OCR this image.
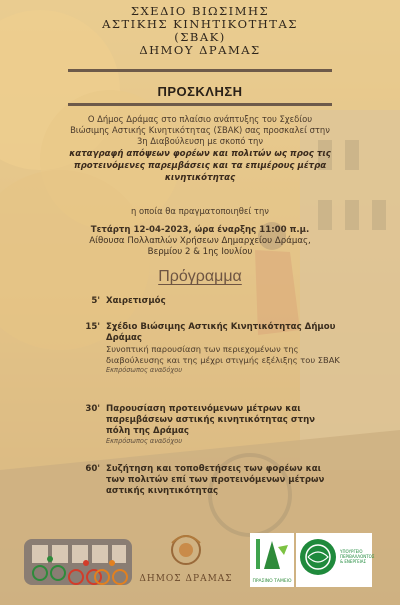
ΣΧΕΔΙΟ ΒΙΩΣΙΜΗΣ
ΑΣΤΙΚΗΣ ΚΙΝΗΤΙΚΟΤΗΤΑΣ
(ΣΒΑΚ)
ΔΗΜΟΥ ΔΡΑΜΑΣ
ΠΡΟΣΚΛΗΣΗ
Ο Δήμος Δράμας στο πλαίσιο ανάπτυξης του Σχεδίου
Βιώσιμης Αστικής Κινητικότητας (ΣΒΑΚ) σας προσκαλεί στην
3η Διαβούλευση με σκοπό την
καταγραφή απόψεων φορέων και πολιτών ως προς τις
προτεινόμενες παρεμβάσεις και τα επιμέρους μέτρα
κινητικότητας
η οποία θα πραγματοποιηθεί την
Τετάρτη 12-04-2023, ώρα έναρξης 11:00 π.μ.
Αίθουσα Πολλαπλών Χρήσεων Δημαρχείου Δράμας,
Βερμίου 2 & 1ης Ιουλίου
Πρόγραμμα
5' Χαιρετισμός
15' Σχέδιο Βιώσιμης Αστικής Κινητικότητας Δήμου Δράμας
Συνοπτική παρουσίαση των περιεχομένων της διαβούλευσης και της μέχρι στιγμής εξέλιξης του ΣΒΑΚ
Εκπρόσωπος αναδόχου
30' Παρουσίαση προτεινόμενων μέτρων και παρεμβάσεων αστικής κινητικότητας στην πόλη της Δράμας
Εκπρόσωπος αναδόχου
60' Συζήτηση και τοποθετήσεις των φορέων και των πολιτών επί των προτεινόμενων μέτρων αστικής κινητικότητας
ΔΗΜΟΣ ΔΡΑΜΑΣ	ΠΡΑΣΙΝΟ ΤΑΜΕΙΟ
ΥΠΟΥΡΓΕΙΟ
ΠΕΡΙΒΑΛΛΟΝΤΟΣ
& ΕΝΕΡΓΕΙΑΣ
